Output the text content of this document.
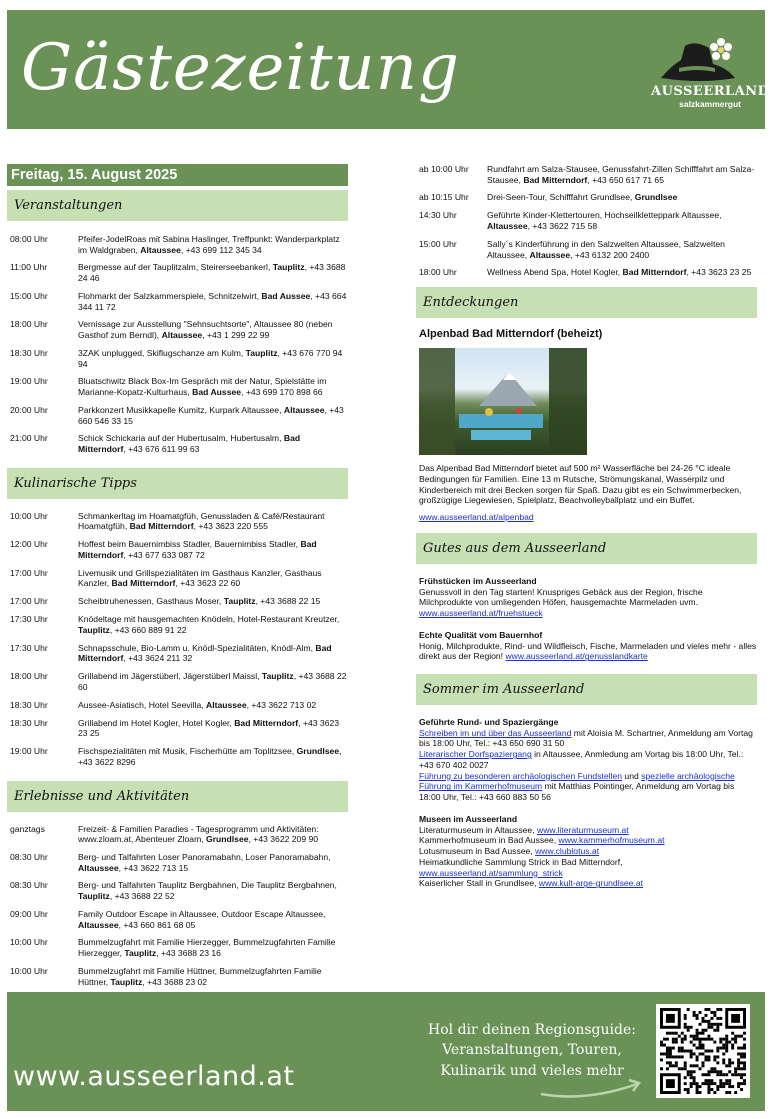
Gästezeitung	AUSSEERLAND
salzkammergut
Freitag, 15. August 2025
Veranstaltungen
08:00 Uhr	Pfeifer-JodelRoas mit Sabina Haslinger, Treffpunkt: Wanderparkplatz im Waldgraben, Altaussee, +43 699 112 345 34
11:00 Uhr	Bergmesse auf der Tauplitzalm, Steirerseebankerl, Tauplitz, +43 3688 24 46
15:00 Uhr	Flohmarkt der Salzkammerspiele, Schnitzelwirt, Bad Aussee, +43 664 344 11 72
18:00 Uhr	Vernissage zur Ausstellung "Sehnsuchtsorte", Altaussee 80 (neben Gasthof zum Berndl), Altaussee, +43 1 299 22 99
18:30 Uhr	3ZAK unplugged, Skiflugschanze am Kulm, Tauplitz, +43 676 770 94 94
19:00 Uhr	Bluatschwitz Black Box-Im Gespräch mit der Natur, Spielstätte im Marianne-Kopatz-Kulturhaus, Bad Aussee, +43 699 170 898 66
20:00 Uhr	Parkkonzert Musikkapelle Kumitz, Kurpark Altaussee, Altaussee, +43 660 546 33 15
21:00 Uhr	Schick Schickaria auf der Hubertusalm, Hubertusalm, Bad Mitterndorf, +43 676 611 99 63
Kulinarische Tipps
10:00 Uhr	Schmankerltag im Hoamatgfüh, Genussladen & Café/Restaurant Hoamatgfüh, Bad Mitterndorf, +43 3623 220 555
12:00 Uhr	Hoffest beim Bauernimbiss Stadler, Bauernimbiss Stadler, Bad Mitterndorf, +43 677 633 087 72
17:00 Uhr	Livemusik und Grillspezialitäten im Gasthaus Kanzler, Gasthaus Kanzler, Bad Mitterndorf, +43 3623 22 60
17:00 Uhr	Scheibtruhenessen, Gasthaus Moser, Tauplitz, +43 3688 22 15
17:30 Uhr	Knödeltage mit hausgemachten Knödeln, Hotel-Restaurant Kreutzer, Tauplitz, +43 660 889 91 22
17:30 Uhr	Schnapsschule, Bio-Lamm u. Knödl-Spezialitäten, Knödl-Alm, Bad Mitterndorf, +43 3624 211 32
18:00 Uhr	Grillabend im Jägerstüberl, Jägerstüberl Maissl, Tauplitz, +43 3688 22 60
18:30 Uhr	Aussee-Asiatisch, Hotel Seevilla, Altaussee, +43 3622 713 02
18:30 Uhr	Grillabend im Hotel Kogler, Hotel Kogler, Bad Mitterndorf, +43 3623 23 25
19:00 Uhr	Fischspezialitäten mit Musik, Fischerhütte am Toplitzsee, Grundlsee, +43 3622 8296
Erlebnisse und Aktivitäten
ganztags	Freizeit- & Familien Paradies - Tagesprogramm und Aktivitäten: www.zloam.at, Abenteuer Zloam, Grundlsee, +43 3622 209 90
08:30 Uhr	Berg- und Talfahrten Loser Panoramabahn, Loser Panoramabahn, Altaussee, +43 3622 713 15
08:30 Uhr	Berg- und Talfahrten Tauplitz Bergbahnen, Die Tauplitz Bergbahnen, Tauplitz, +43 3688 22 52
09:00 Uhr	Family Outdoor Escape in Altaussee, Outdoor Escape Altaussee, Altaussee, +43 660 861 68 05
10:00 Uhr	Bummelzugfahrt mit Familie Hierzegger, Bummelzugfahrten Familie Hierzegger, Tauplitz, +43 3688 23 16
10:00 Uhr	Bummelzugfahrt mit Familie Hüttner, Bummelzugfahrten Familie Hüttner, Tauplitz, +43 3688 23 02
ab 10:00 Uhr	Rundfahrt am Salza-Stausee, Genussfahrt-Zillen Schifffahrt am Salza-Stausee, Bad Mitterndorf, +43 650 617 71 65
ab 10:15 Uhr	Drei-Seen-Tour, Schifffahrt Grundlsee, Grundlsee
14:30 Uhr	Geführte Kinder-Klettertouren, Hochseilklettерpark Altaussee, Altaussee, +43 3622 715 58
15:00 Uhr	Sally´s Kinderführung in den Salzwelten Altaussee, Salzwelten Altaussee, Altaussee, +43 6132 200 2400
18:00 Uhr	Wellness Abend Spa, Hotel Kogler, Bad Mitterndorf, +43 3623 23 25
Entdeckungen
Alpenbad Bad Mitterndorf (beheizt)
Das Alpenbad Bad Mitterndorf bietet auf 500 m² Wasserfläche bei 24-26 °C ideale Bedingungen für Familien. Eine 13 m Rutsche, Strömungskanal, Wasserpilz und Kinderbereich mit drei Becken sorgen für Spaß. Dazu gibt es ein Schwimmerbecken, großzügige Liegewiesen, Spielplatz, Beachvolleyballplatz und ein Buffet.
www.ausseerland.at/alpenbad
Gutes aus dem Ausseerland
Frühstücken im Ausseerland
Genussvoll in den Tag starten! Knuspriges Gebäck aus der Region, frische Milchprodukte von umliegenden Höfen, hausgemachte Marmeladen uvm.
www.ausseerland.at/fruehstueck
Echte Qualität vom Bauernhof
Honig, Milchprodukte, Rind- und Wildfleisch, Fische, Marmeladen und vieles mehr - alles direkt aus der Region! www.ausseerland.at/genusslandkarte
Sommer im Ausseerland
Geführte Rund- und Spaziergänge
Schreiben im und über das Ausseerland mit Aloisia M. Schartner, Anmeldung am Vortag bis 18:00 Uhr, Tel.: +43 650 690 31 50
Literarischer Dorfspaziergang in Altaussee, Anmledung am Vortag bis 18:00 Uhr, Tel.: +43 670 402 0027
Führung zu besonderen archäologischen Fundstellen und spezielle archäologische Führung im Kammerhofmuseum mit Matthias Pointinger, Anmeldung am Vortag bis 18:00 Uhr, Tel.: +43 660 883 50 56
Museen im Ausseerland
Literaturmuseum in Altaussee, www.literaturmuseum.at
Kammerhofmuseum in Bad Aussee, www.kammerhofmuseum.at
Lotusmuseum in Bad Aussee, www.clublotus.at
Heimatkundliche Sammlung Strick in Bad Mitterndorf,
www.ausseerland.at/sammlung_strick
Kaiserlicher Stall in Grundlsee, www.kult-arge-grundlsee.at
www.ausseerland.at
Hol dir deinen Regionsguide:
Veranstaltungen, Touren,
Kulinarik und vieles mehr
